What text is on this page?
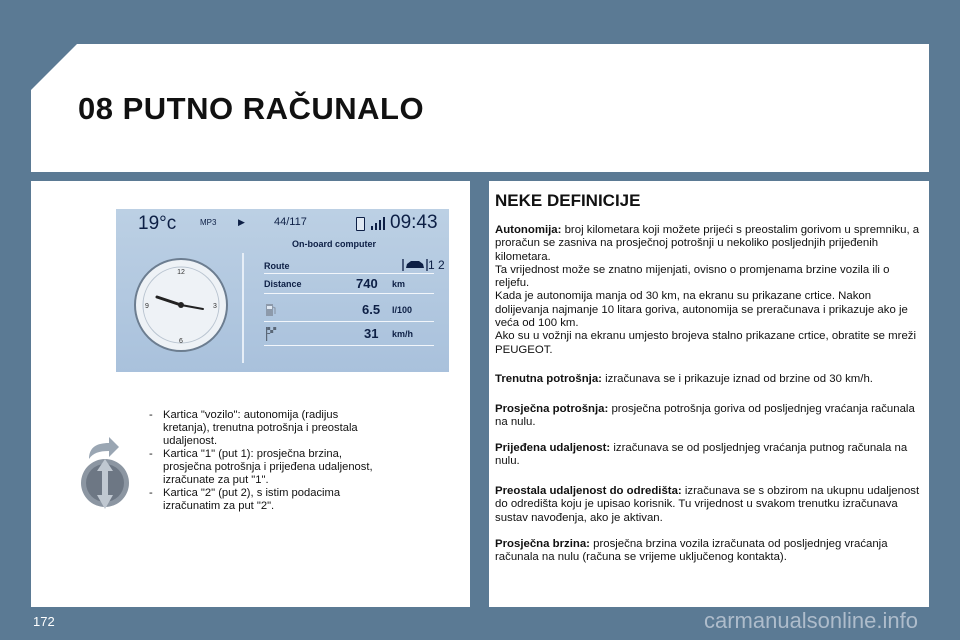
08 PUTNO RAČUNALO
19°c	MP3 ▶	44/117	09:43
On-board computer
12
3
6
9
Route	1 2
Distance	740 km
6.5 l/100
31 km/h
- Kartica "vozilo": autonomija (radijus kretanja), trenutna potrošnja i preostala udaljenost.
- Kartica "1" (put 1): prosječna brzina, prosječna potrošnja i prijeđena udaljenost, izračunate za put "1".
- Kartica "2" (put 2), s istim podacima izračunatim za put "2".
NEKE DEFINICIJE
Autonomija: broj kilometara koji možete prijeći s preostalim gorivom u spremniku, a proračun se zasniva na prosječnoj potrošnji u nekoliko posljednjih prijeđenih kilometara.
Ta vrijednost može se znatno mijenjati, ovisno o promjenama brzine vozila ili o reljefu.
Kada je autonomija manja od 30 km, na ekranu su prikazane crtice. Nakon dolijevanja najmanje 10 litara goriva, autonomija se preračunava i prikazuje ako je veća od 100 km.
Ako su u vožnji na ekranu umjesto brojeva stalno prikazane crtice, obratite se mreži PEUGEOT.
Trenutna potrošnja: izračunava se i prikazuje iznad od brzine od 30 km/h.
Prosječna potrošnja: prosječna potrošnja goriva od posljednjeg vraćanja računala na nulu.
Prijeđena udaljenost: izračunava se od posljednjeg vraćanja putnog računala na nulu.
Preostala udaljenost do odredišta: izračunava se s obzirom na ukupnu udaljenost do odredišta koju je upisao korisnik. Tu vrijednost u svakom trenutku izračunava sustav navođenja, ako je aktivan.
Prosječna brzina: prosječna brzina vozila izračunata od posljednjeg vraćanja računala na nulu (računa se vrijeme uključenog kontakta).
172	carmanualsonline.info
